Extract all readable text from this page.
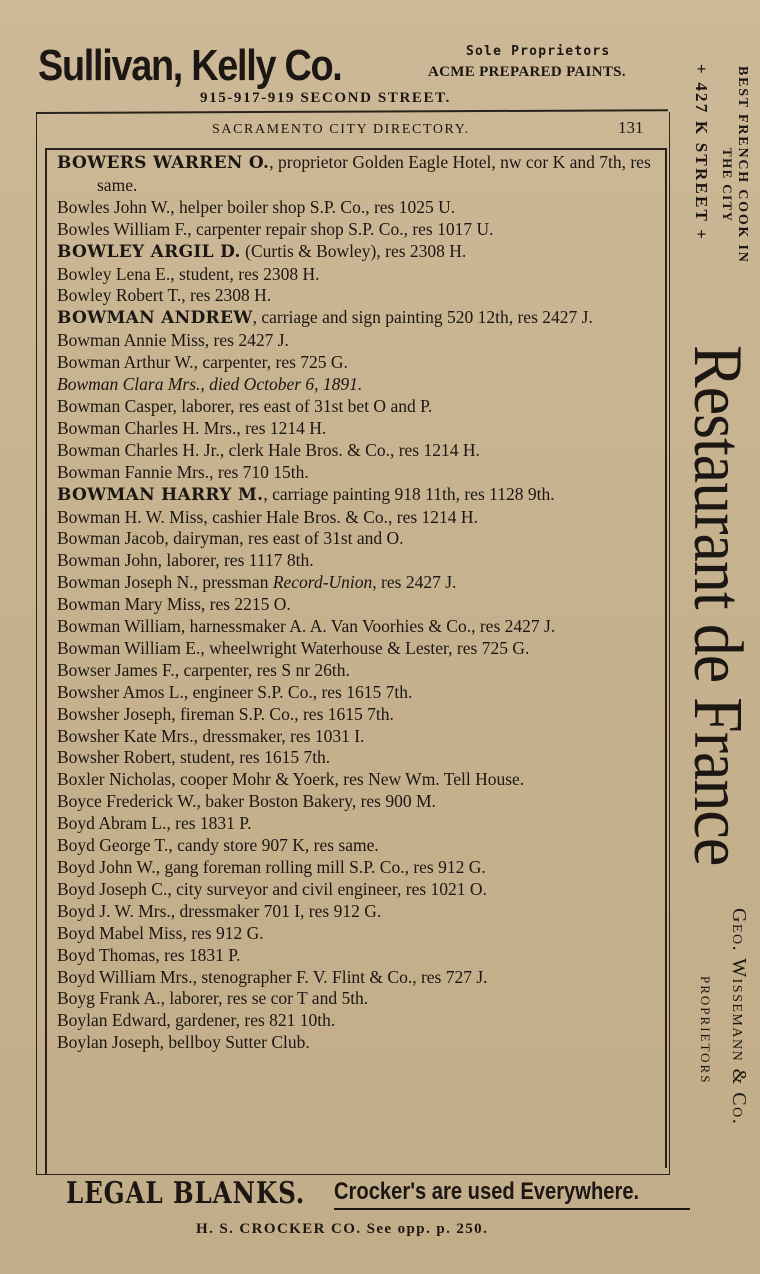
Sullivan, Kelly Co.	Sole Proprietors
ACME PREPARED PAINTS.
915-917-919 SECOND STREET.
SACRAMENTO CITY DIRECTORY.	131
BOWERS WARREN O., proprietor Golden Eagle Hotel, nw cor K and 7th, res same.
Bowles John W., helper boiler shop S.P. Co., res 1025 U.
Bowles William F., carpenter repair shop S.P. Co., res 1017 U.
BOWLEY ARGIL D. (Curtis & Bowley), res 2308 H.
Bowley Lena E., student, res 2308 H.
Bowley Robert T., res 2308 H.
BOWMAN ANDREW, carriage and sign painting 520 12th, res 2427 J.
Bowman Annie Miss, res 2427 J.
Bowman Arthur W., carpenter, res 725 G.
Bowman Clara Mrs., died October 6, 1891.
Bowman Casper, laborer, res east of 31st bet O and P.
Bowman Charles H. Mrs., res 1214 H.
Bowman Charles H. Jr., clerk Hale Bros. & Co., res 1214 H.
Bowman Fannie Mrs., res 710 15th.
BOWMAN HARRY M., carriage painting 918 11th, res 1128 9th.
Bowman H. W. Miss, cashier Hale Bros. & Co., res 1214 H.
Bowman Jacob, dairyman, res east of 31st and O.
Bowman John, laborer, res 1117 8th.
Bowman Joseph N., pressman Record-Union, res 2427 J.
Bowman Mary Miss, res 2215 O.
Bowman William, harnessmaker A. A. Van Voorhies & Co., res 2427 J.
Bowman William E., wheelwright Waterhouse & Lester, res 725 G.
Bowser James F., carpenter, res S nr 26th.
Bowsher Amos L., engineer S.P. Co., res 1615 7th.
Bowsher Joseph, fireman S.P. Co., res 1615 7th.
Bowsher Kate Mrs., dressmaker, res 1031 I.
Bowsher Robert, student, res 1615 7th.
Boxler Nicholas, cooper Mohr & Yoerk, res New Wm. Tell House.
Boyce Frederick W., baker Boston Bakery, res 900 M.
Boyd Abram L., res 1831 P.
Boyd George T., candy store 907 K, res same.
Boyd John W., gang foreman rolling mill S.P. Co., res 912 G.
Boyd Joseph C., city surveyor and civil engineer, res 1021 O.
Boyd J. W. Mrs., dressmaker 701 I, res 912 G.
Boyd Mabel Miss, res 912 G.
Boyd Thomas, res 1831 P.
Boyd William Mrs., stenographer F. V. Flint & Co., res 727 J.
Boyg Frank A., laborer, res se cor T and 5th.
Boylan Edward, gardener, res 821 10th.
Boylan Joseph, bellboy Sutter Club.
BEST FRENCH COOK IN
THE CITY
+ 427 K STREET +
Restaurant de France
Geo. Wissemann & Co.
PROPRIETORS
LEGAL BLANKS. Crocker's are used Everywhere.
H. S. CROCKER CO. See opp. p. 250.
